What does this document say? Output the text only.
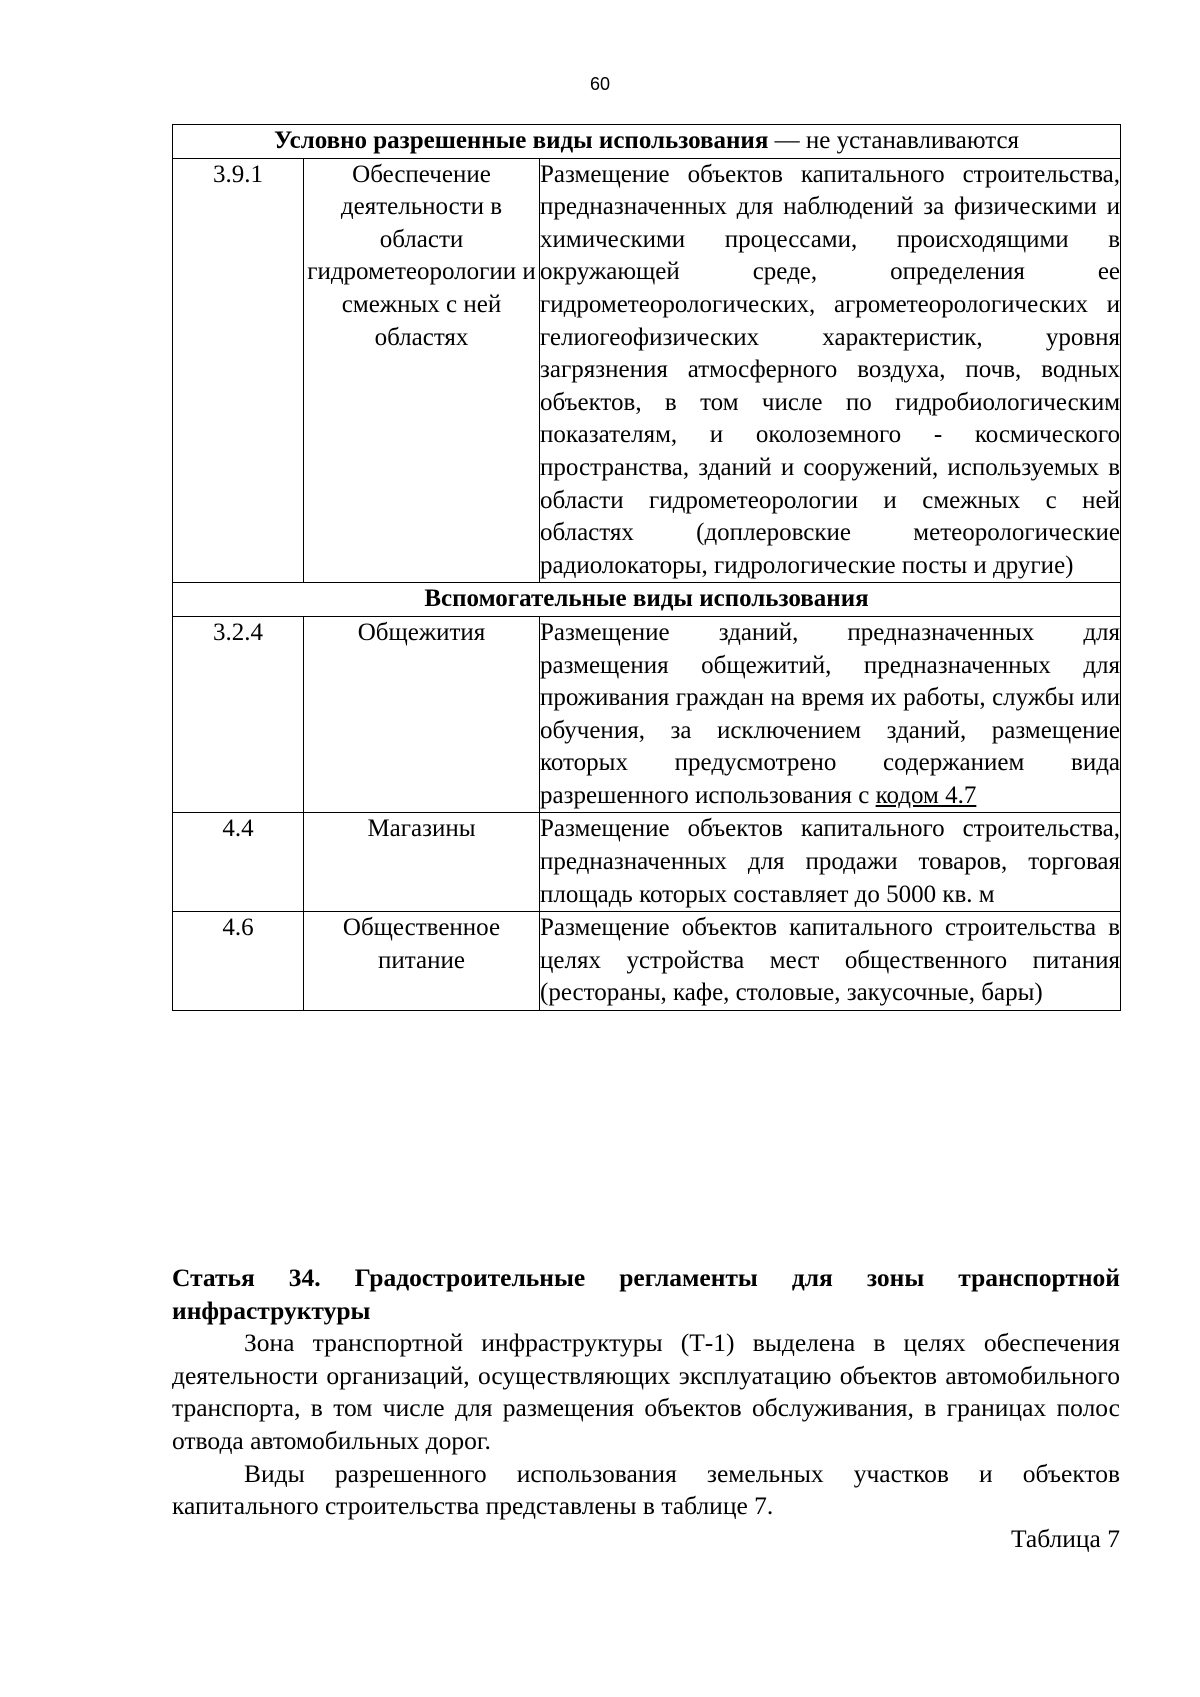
60
Условно разрешенные виды использования — не устанавливаются		
3.9.1	Обеспечение деятельности в области гидрометеорологии и смежных с ней областях	Размещение объектов капитального строительства, предназначенных для наблюдений за физическими и химическими процессами, происходящими в окружающей среде, определения ее гидрометеорологических, агрометеорологических и гелиогеофизических характеристик, уровня загрязнения атмосферного воздуха, почв, водных объектов, в том числе по гидробиологическим показателям, и околоземного - космического пространства, зданий и сооружений, используемых в области гидрометеорологии и смежных с ней областях (доплеровские метеорологические радиолокаторы, гидрологические посты и другие)
Вспомогательные виды использования		
3.2.4	Общежития	Размещение зданий, предназначенных для размещения общежитий, предназначенных для проживания граждан на время их работы, службы или обучения, за исключением зданий, размещение которых предусмотрено содержанием вида разрешенного использования с кодом 4.7
4.4	Магазины	Размещение объектов капитального строительства, предназначенных для продажи товаров, торговая площадь которых составляет до 5000 кв. м
4.6	Общественное питание	Размещение объектов капитального строительства в целях устройства мест общественного питания (рестораны, кафе, столовые, закусочные, бары)

Статья 34. Градостроительные регламенты для зоны транспортной инфраструктуры

Зона транспортной инфраструктуры (Т-1) выделена в целях обеспечения деятельности организаций, осуществляющих эксплуатацию объектов автомобильного транспорта, в том числе для размещения объектов обслуживания, в границах полос отвода автомобильных дорог.

Виды разрешенного использования земельных участков и объектов капитального строительства представлены в таблице 7.

Таблица 7
